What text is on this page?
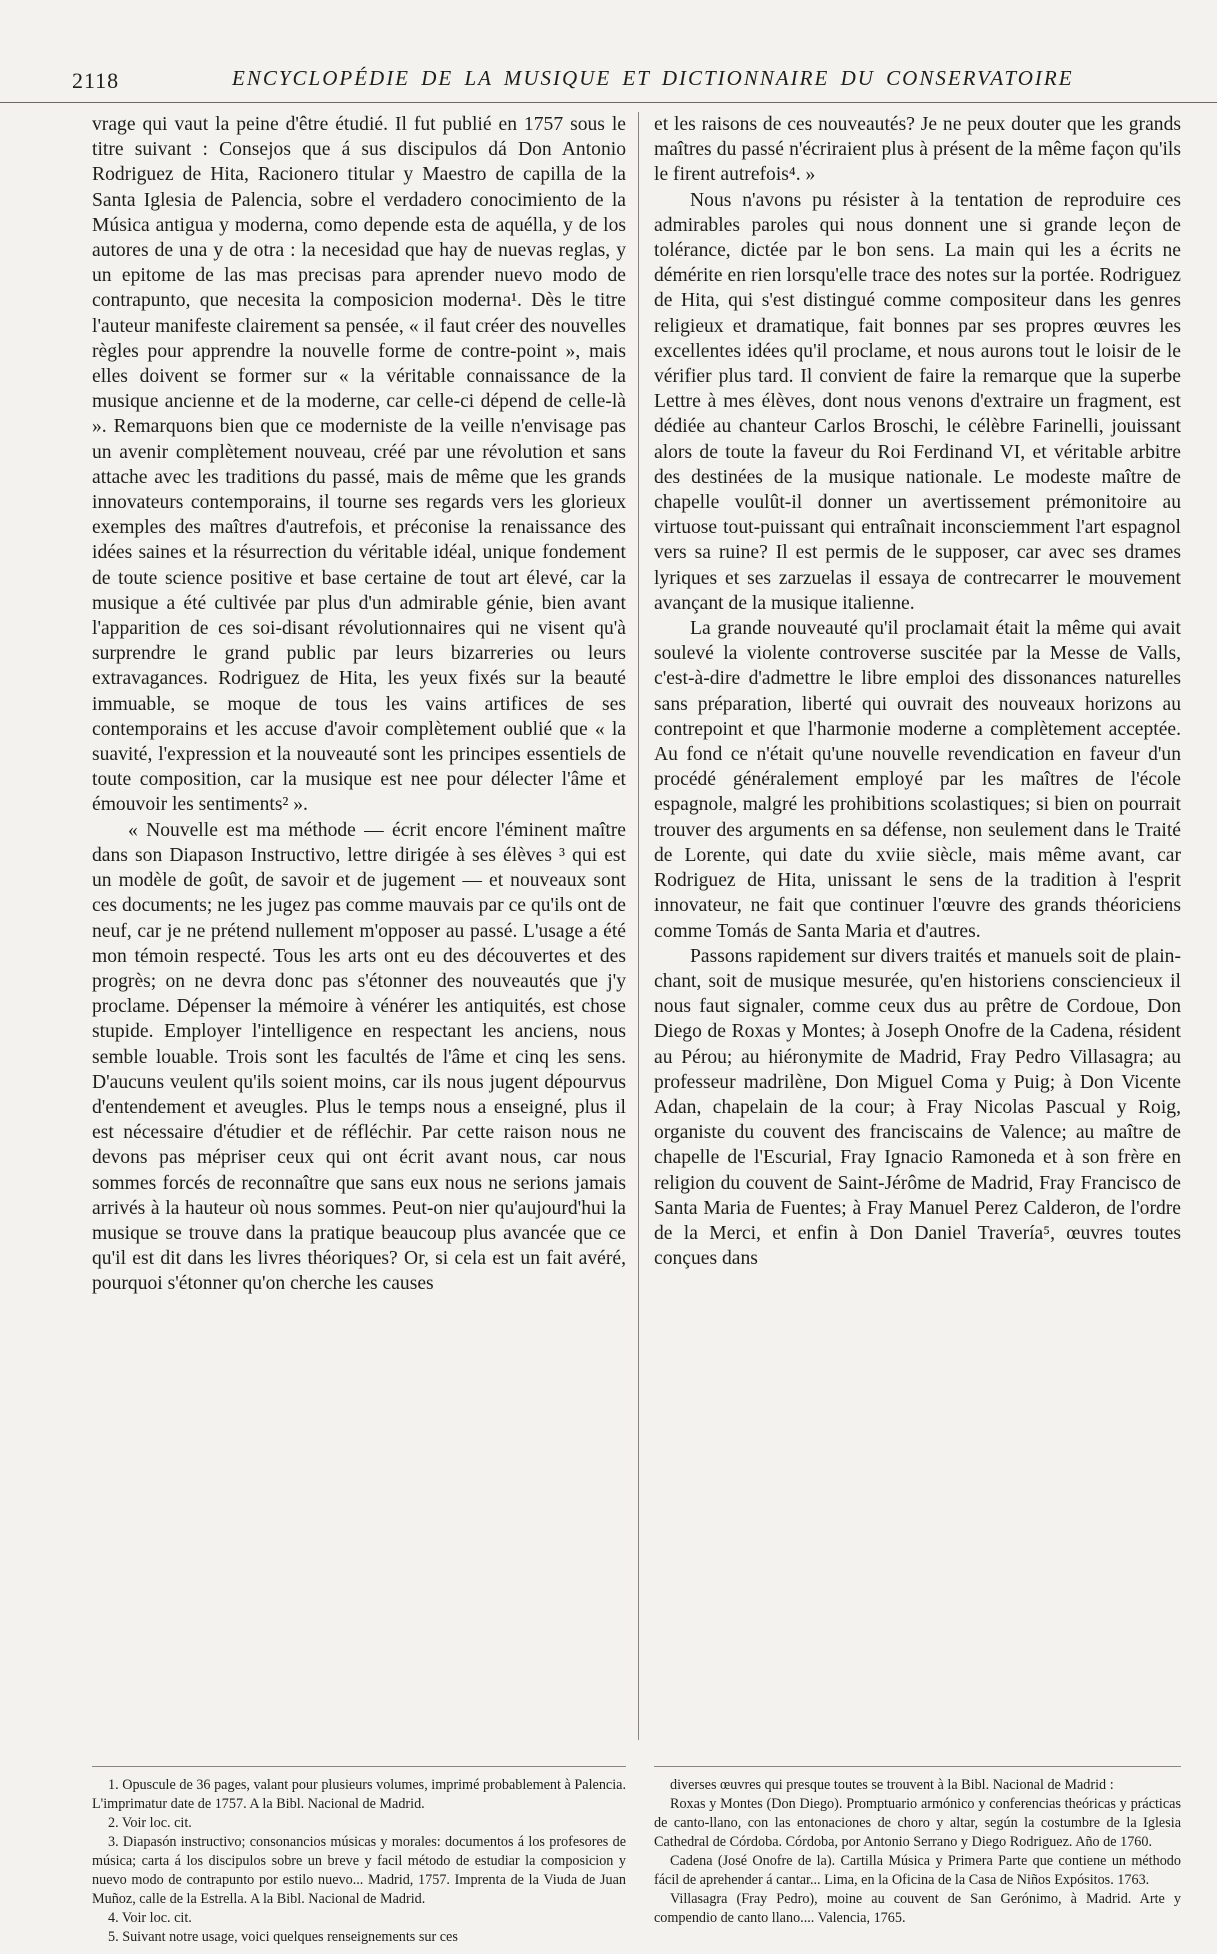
2118	ENCYCLOPÉDIE DE LA MUSIQUE ET DICTIONNAIRE DU CONSERVATOIRE

vrage qui vaut la peine d'être étudié. Il fut publié en 1757 sous le titre suivant : Consejos que á sus discipulos dá Don Antonio Rodriguez de Hita, Racionero titular y Maestro de capilla de la Santa Iglesia de Palencia, sobre el verdadero conocimiento de la Música antigua y moderna, como depende esta de aquélla, y de los autores de una y de otra : la necesidad que hay de nuevas reglas, y un epitome de las mas precisas para aprender nuevo modo de contrapunto, que necesita la composicion moderna¹. Dès le titre l'auteur manifeste clairement sa pensée, « il faut créer des nouvelles règles pour apprendre la nouvelle forme de contre-point », mais elles doivent se former sur « la véritable connaissance de la musique ancienne et de la moderne, car celle-ci dépend de celle-là ». Remarquons bien que ce moderniste de la veille n'envisage pas un avenir complètement nouveau, créé par une révolution et sans attache avec les traditions du passé, mais de même que les grands innovateurs contemporains, il tourne ses regards vers les glorieux exemples des maîtres d'autrefois, et préconise la renaissance des idées saines et la résurrection du véritable idéal, unique fondement de toute science positive et base certaine de tout art élevé, car la musique a été cultivée par plus d'un admirable génie, bien avant l'apparition de ces soi-disant révolutionnaires qui ne visent qu'à surprendre le grand public par leurs bizarreries ou leurs extravagances. Rodriguez de Hita, les yeux fixés sur la beauté immuable, se moque de tous les vains artifices de ses contemporains et les accuse d'avoir complètement oublié que « la suavité, l'expression et la nouveauté sont les principes essentiels de toute composition, car la musique est nee pour délecter l'âme et émouvoir les sentiments² ».

« Nouvelle est ma méthode — écrit encore l'éminent maître dans son Diapason Instructivo, lettre dirigée à ses élèves ³ qui est un modèle de goût, de savoir et de jugement — et nouveaux sont ces documents; ne les jugez pas comme mauvais par ce qu'ils ont de neuf, car je ne prétend nullement m'opposer au passé. L'usage a été mon témoin respecté. Tous les arts ont eu des découvertes et des progrès; on ne devra donc pas s'étonner des nouveautés que j'y proclame. Dépenser la mémoire à vénérer les antiquités, est chose stupide. Employer l'intelligence en respectant les anciens, nous semble louable. Trois sont les facultés de l'âme et cinq les sens. D'aucuns veulent qu'ils soient moins, car ils nous jugent dépourvus d'entendement et aveugles. Plus le temps nous a enseigné, plus il est nécessaire d'étudier et de réfléchir. Par cette raison nous ne devons pas mépriser ceux qui ont écrit avant nous, car nous sommes forcés de reconnaître que sans eux nous ne serions jamais arrivés à la hauteur où nous sommes. Peut-on nier qu'aujourd'hui la musique se trouve dans la pratique beaucoup plus avancée que ce qu'il est dit dans les livres théoriques? Or, si cela est un fait avéré, pourquoi s'étonner qu'on cherche les causes

et les raisons de ces nouveautés? Je ne peux douter que les grands maîtres du passé n'écriraient plus à présent de la même façon qu'ils le firent autrefois⁴. »

Nous n'avons pu résister à la tentation de reproduire ces admirables paroles qui nous donnent une si grande leçon de tolérance, dictée par le bon sens. La main qui les a écrits ne démérite en rien lorsqu'elle trace des notes sur la portée. Rodriguez de Hita, qui s'est distingué comme compositeur dans les genres religieux et dramatique, fait bonnes par ses propres œuvres les excellentes idées qu'il proclame, et nous aurons tout le loisir de le vérifier plus tard. Il convient de faire la remarque que la superbe Lettre à mes élèves, dont nous venons d'extraire un fragment, est dédiée au chanteur Carlos Broschi, le célèbre Farinelli, jouissant alors de toute la faveur du Roi Ferdinand VI, et véritable arbitre des destinées de la musique nationale. Le modeste maître de chapelle voulût-il donner un avertissement prémonitoire au virtuose tout-puissant qui entraînait inconsciemment l'art espagnol vers sa ruine? Il est permis de le supposer, car avec ses drames lyriques et ses zarzuelas il essaya de contrecarrer le mouvement avançant de la musique italienne.

La grande nouveauté qu'il proclamait était la même qui avait soulevé la violente controverse suscitée par la Messe de Valls, c'est-à-dire d'admettre le libre emploi des dissonances naturelles sans préparation, liberté qui ouvrait des nouveaux horizons au contrepoint et que l'harmonie moderne a complètement acceptée. Au fond ce n'était qu'une nouvelle revendication en faveur d'un procédé généralement employé par les maîtres de l'école espagnole, malgré les prohibitions scolastiques; si bien on pourrait trouver des arguments en sa défense, non seulement dans le Traité de Lorente, qui date du xviie siècle, mais même avant, car Rodriguez de Hita, unissant le sens de la tradition à l'esprit innovateur, ne fait que continuer l'œuvre des grands théoriciens comme Tomás de Santa Maria et d'autres.

Passons rapidement sur divers traités et manuels soit de plain-chant, soit de musique mesurée, qu'en historiens consciencieux il nous faut signaler, comme ceux dus au prêtre de Cordoue, Don Diego de Roxas y Montes; à Joseph Onofre de la Cadena, résident au Pérou; au hiéronymite de Madrid, Fray Pedro Villasagra; au professeur madrilène, Don Miguel Coma y Puig; à Don Vicente Adan, chapelain de la cour; à Fray Nicolas Pascual y Roig, organiste du couvent des franciscains de Valence; au maître de chapelle de l'Escurial, Fray Ignacio Ramoneda et à son frère en religion du couvent de Saint-Jérôme de Madrid, Fray Francisco de Santa Maria de Fuentes; à Fray Manuel Perez Calderon, de l'ordre de la Merci, et enfin à Don Daniel Travería⁵, œuvres toutes conçues dans

1. Opuscule de 36 pages, valant pour plusieurs volumes, imprimé probablement à Palencia. L'imprimatur date de 1757. A la Bibl. Nacional de Madrid.

2. Voir loc. cit.

3. Diapasón instructivo; consonancios músicas y morales: documentos á los profesores de música; carta á los discipulos sobre un breve y facil método de estudiar la composicion y nuevo modo de contrapunto por estilo nuevo... Madrid, 1757. Imprenta de la Viuda de Juan Muñoz, calle de la Estrella. A la Bibl. Nacional de Madrid.

4. Voir loc. cit.

5. Suivant notre usage, voici quelques renseignements sur ces

diverses œuvres qui presque toutes se trouvent à la Bibl. Nacional de Madrid :

Roxas y Montes (Don Diego). Promptuario armónico y conferencias theóricas y prácticas de canto-llano, con las entonaciones de choro y altar, según la costumbre de la Iglesia Cathedral de Córdoba. Córdoba, por Antonio Serrano y Diego Rodriguez. Año de 1760.

Cadena (José Onofre de la). Cartilla Música y Primera Parte que contiene un méthodo fácil de aprehender á cantar... Lima, en la Oficina de la Casa de Niños Expósitos. 1763.

Villasagra (Fray Pedro), moine au couvent de San Gerónimo, à Madrid. Arte y compendio de canto llano.... Valencia, 1765.
